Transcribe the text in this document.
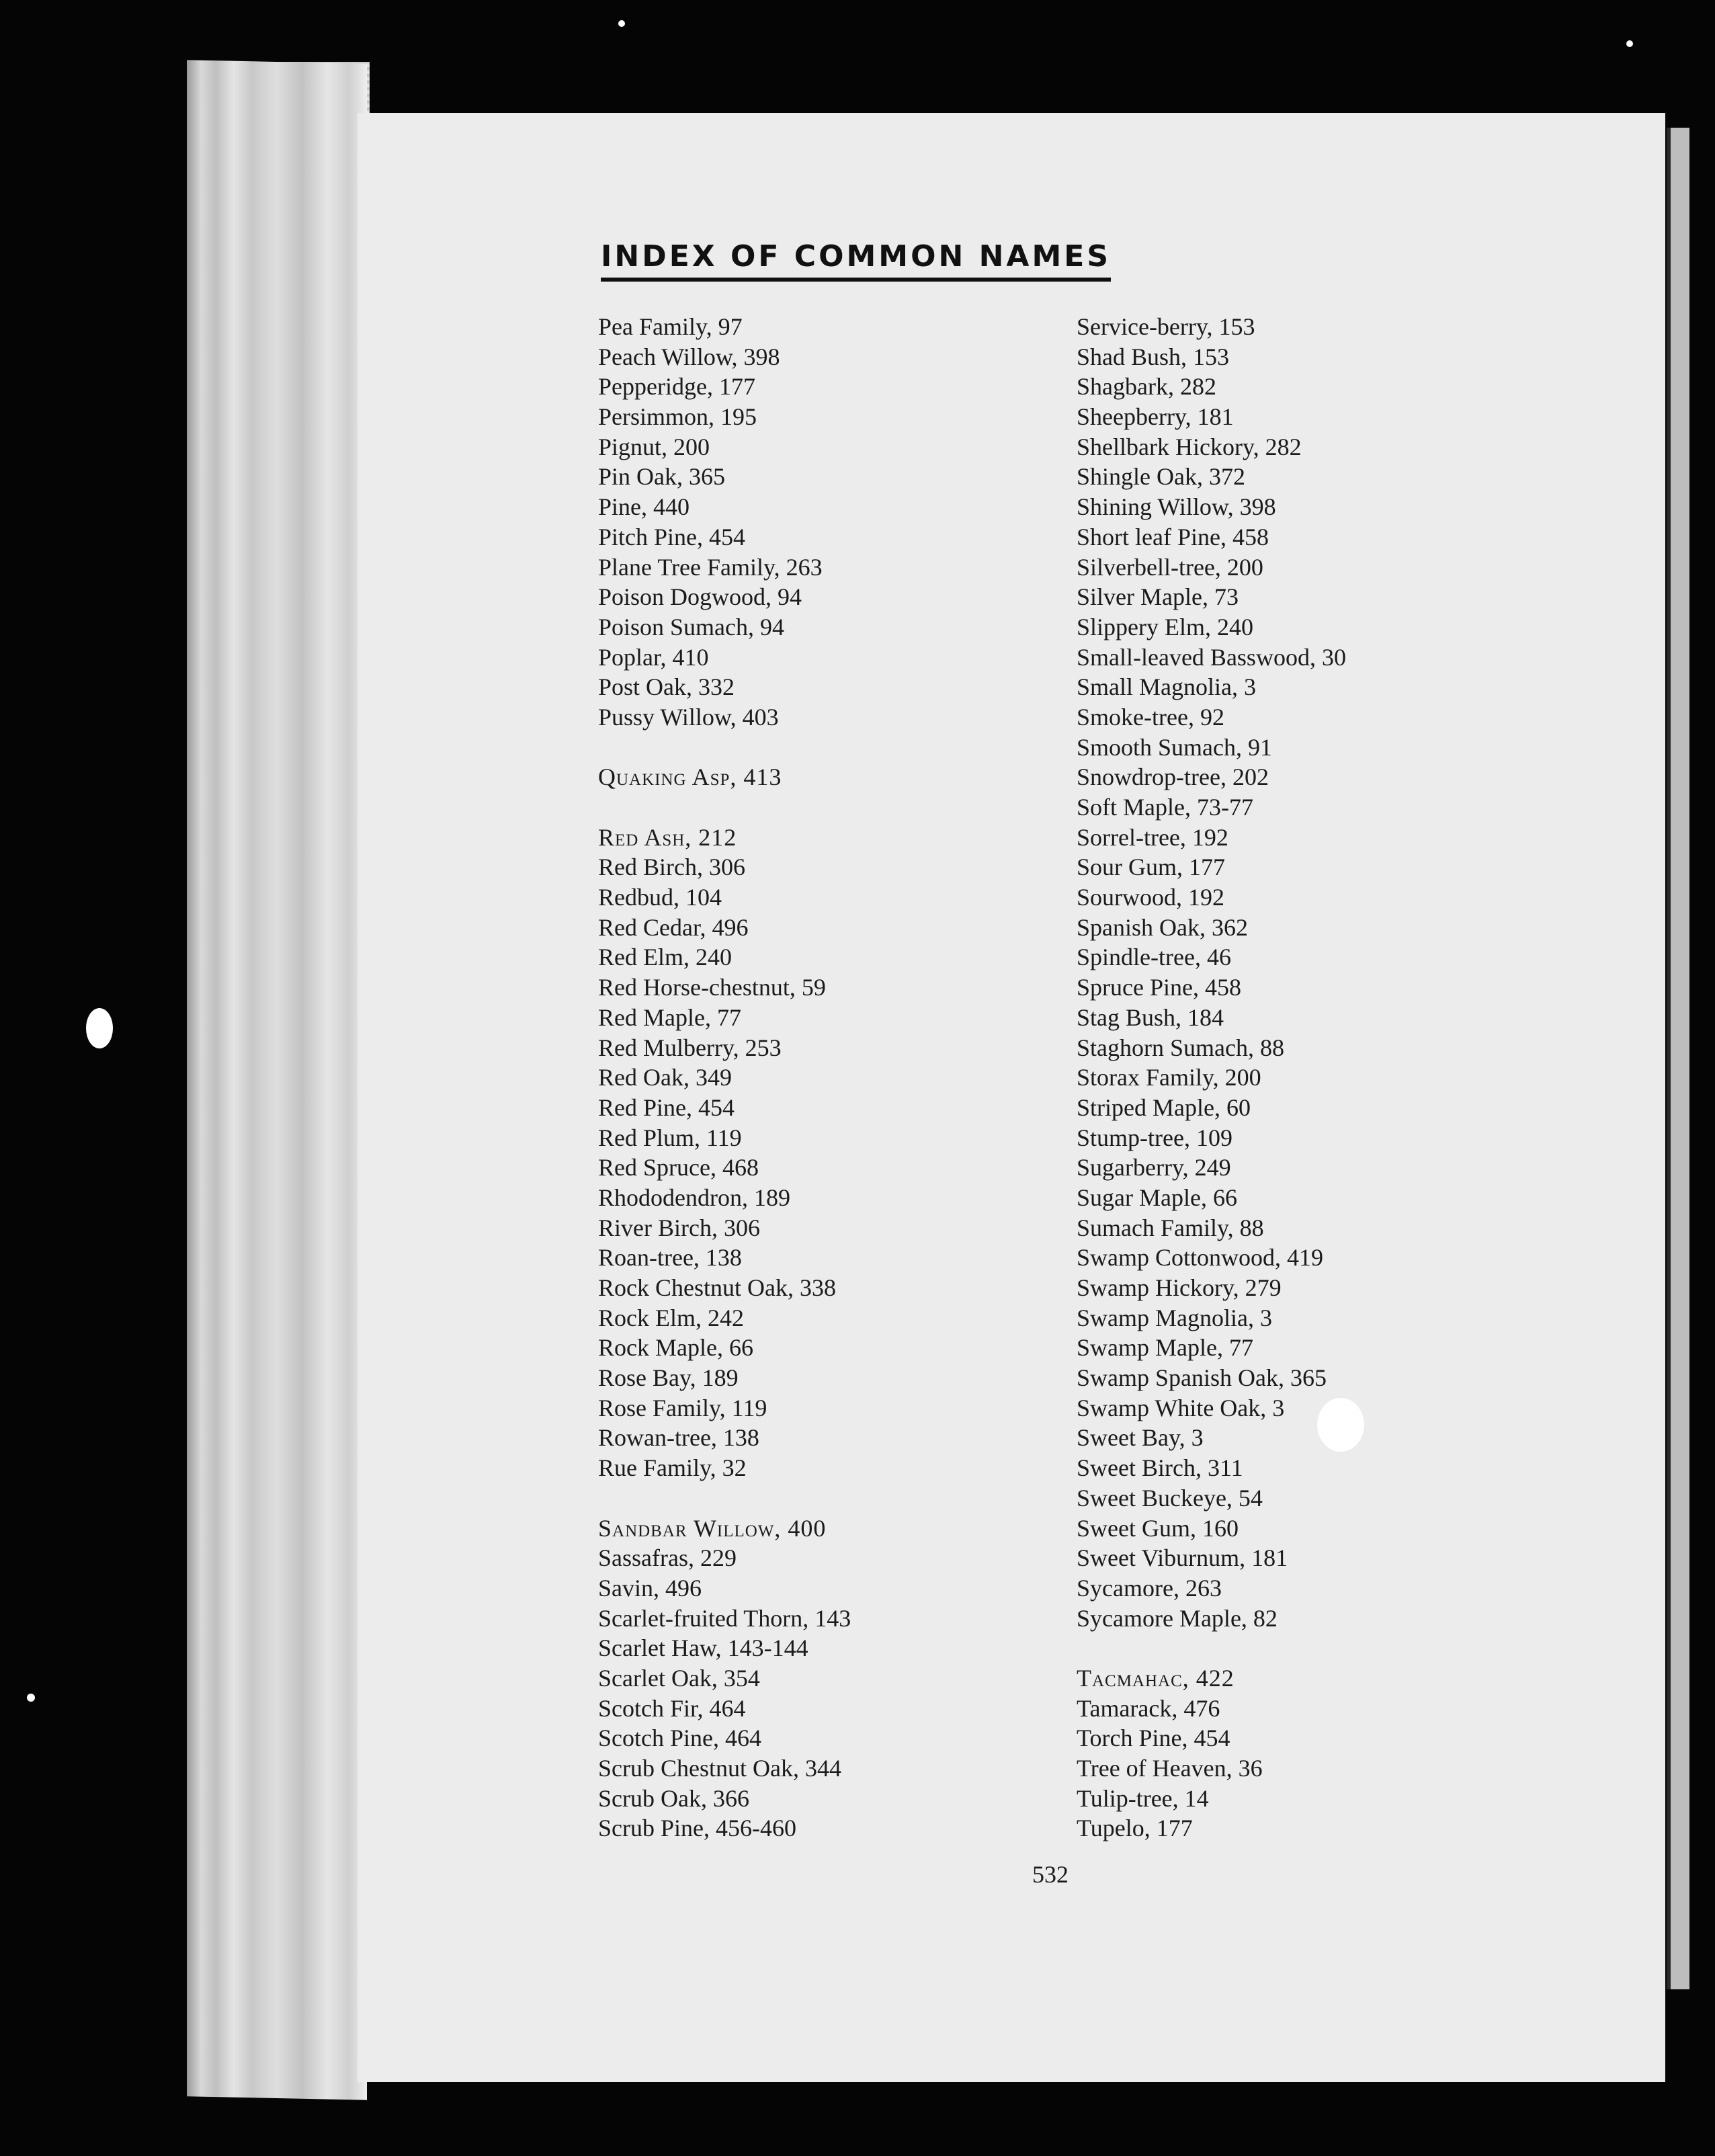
INDEX OF COMMON NAMES
Pea Family, 97
Peach Willow, 398
Pepperidge, 177
Persimmon, 195
Pignut, 200
Pin Oak, 365
Pine, 440
Pitch Pine, 454
Plane Tree Family, 263
Poison Dogwood, 94
Poison Sumach, 94
Poplar, 410
Post Oak, 332
Pussy Willow, 403
Quaking Asp, 413
Red Ash, 212
Red Birch, 306
Redbud, 104
Red Cedar, 496
Red Elm, 240
Red Horse-chestnut, 59
Red Maple, 77
Red Mulberry, 253
Red Oak, 349
Red Pine, 454
Red Plum, 119
Red Spruce, 468
Rhododendron, 189
River Birch, 306
Roan-tree, 138
Rock Chestnut Oak, 338
Rock Elm, 242
Rock Maple, 66
Rose Bay, 189
Rose Family, 119
Rowan-tree, 138
Rue Family, 32
Sandbar Willow, 400
Sassafras, 229
Savin, 496
Scarlet-fruited Thorn, 143
Scarlet Haw, 143-144
Scarlet Oak, 354
Scotch Fir, 464
Scotch Pine, 464
Scrub Chestnut Oak, 344
Scrub Oak, 366
Scrub Pine, 456-460
Service-berry, 153
Shad Bush, 153
Shagbark, 282
Sheepberry, 181
Shellbark Hickory, 282
Shingle Oak, 372
Shining Willow, 398
Short leaf Pine, 458
Silverbell-tree, 200
Silver Maple, 73
Slippery Elm, 240
Small-leaved Basswood, 30
Small Magnolia, 3
Smoke-tree, 92
Smooth Sumach, 91
Snowdrop-tree, 202
Soft Maple, 73-77
Sorrel-tree, 192
Sour Gum, 177
Sourwood, 192
Spanish Oak, 362
Spindle-tree, 46
Spruce Pine, 458
Stag Bush, 184
Staghorn Sumach, 88
Storax Family, 200
Striped Maple, 60
Stump-tree, 109
Sugarberry, 249
Sugar Maple, 66
Sumach Family, 88
Swamp Cottonwood, 419
Swamp Hickory, 279
Swamp Magnolia, 3
Swamp Maple, 77
Swamp Spanish Oak, 365
Swamp White Oak, 3
Sweet Bay, 3
Sweet Birch, 311
Sweet Buckeye, 54
Sweet Gum, 160
Sweet Viburnum, 181
Sycamore, 263
Sycamore Maple, 82
Tacmahac, 422
Tamarack, 476
Torch Pine, 454
Tree of Heaven, 36
Tulip-tree, 14
Tupelo, 177
532
